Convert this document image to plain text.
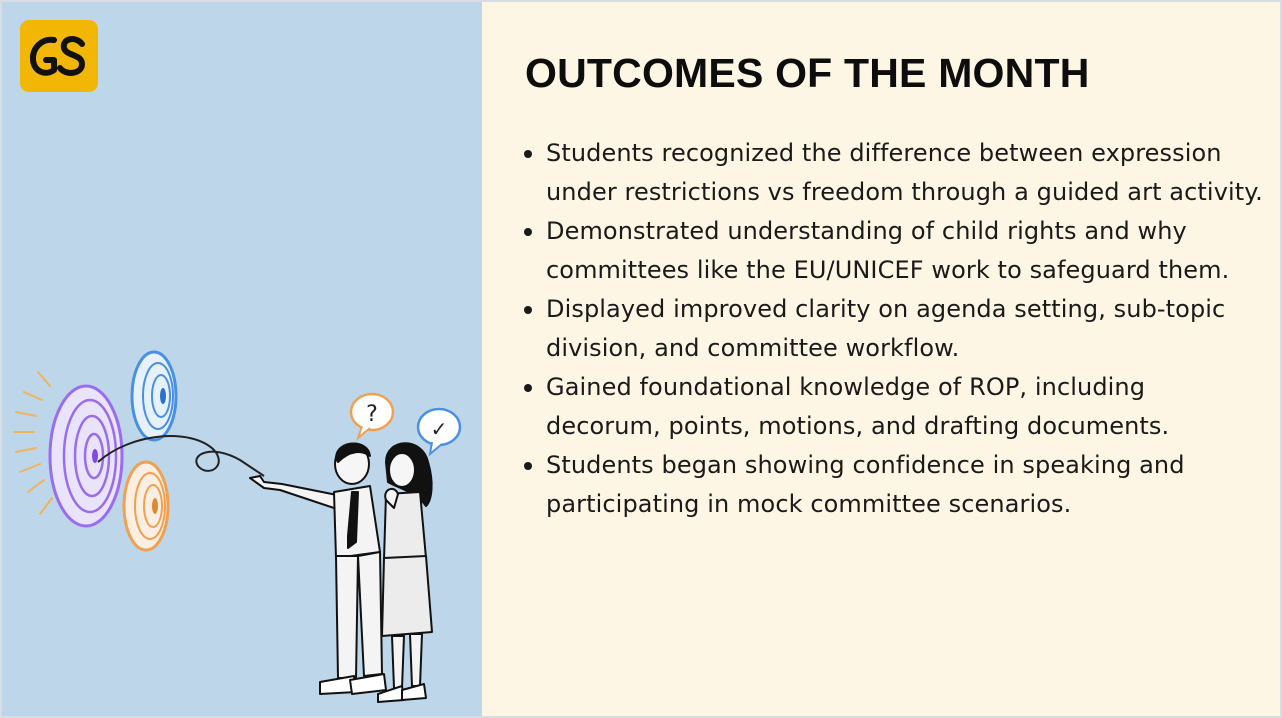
?
✓
OUTCOMES OF THE MONTH
Students recognized the difference between expression under restrictions vs freedom through a guided art activity.
Demonstrated understanding of child rights and why committees like the EU/UNICEF work to safeguard them.
Displayed improved clarity on agenda setting, sub-topic division, and committee workflow.
Gained foundational knowledge of ROP, including decorum, points, motions, and drafting documents.
Students began showing confidence in speaking and participating in mock committee scenarios.
